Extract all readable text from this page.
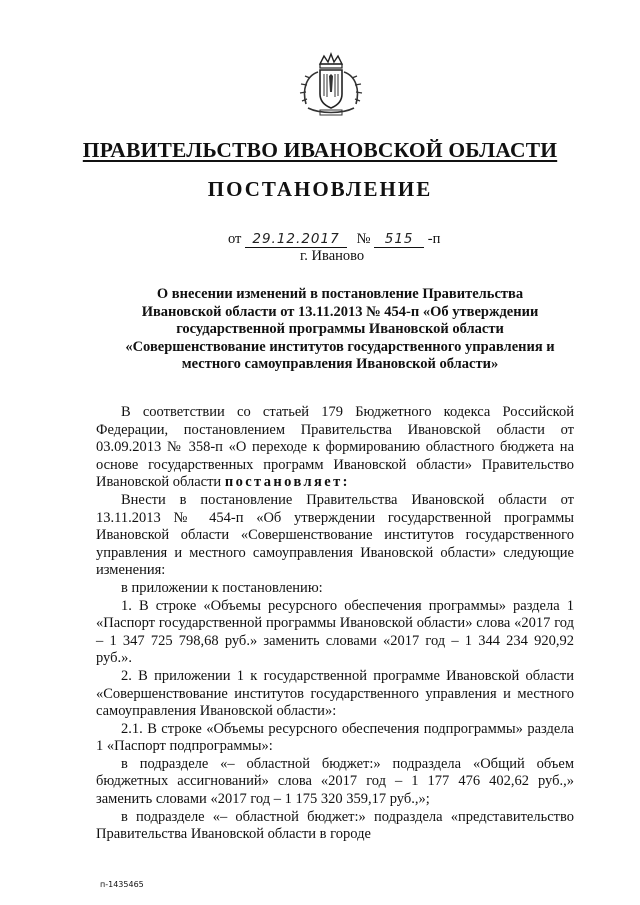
ПРАВИТЕЛЬСТВО ИВАНОВСКОЙ ОБЛАСТИ
ПОСТАНОВЛЕНИЕ
от 29.12.2017 № 515 -п
г. Иваново
О внесении изменений в постановление Правительства
Ивановской области от 13.11.2013 № 454-п «Об утверждении
государственной программы Ивановской области
«Совершенствование институтов государственного управления и
местного самоуправления Ивановской области»

В соответствии со статьей 179 Бюджетного кодекса Российской Федерации, постановлением Правительства Ивановской области от 03.09.2013 № 358-п «О переходе к формированию областного бюджета на основе государственных программ Ивановской области» Правительство Ивановской области постановляет:

Внести в постановление Правительства Ивановской области от 13.11.2013 № 454-п «Об утверждении государственной программы Ивановской области «Совершенствование институтов государственного управления и местного самоуправления Ивановской области» следующие изменения:

в приложении к постановлению:

1. В строке «Объемы ресурсного обеспечения программы» раздела 1 «Паспорт государственной программы Ивановской области» слова «2017 год – 1 347 725 798,68 руб.» заменить словами «2017 год – 1 344 234 920,92 руб.».

2. В приложении 1 к государственной программе Ивановской области «Совершенствование институтов государственного управления и местного самоуправления Ивановской области»:

2.1. В строке «Объемы ресурсного обеспечения подпрограммы» раздела 1 «Паспорт подпрограммы»:

в подразделе «– областной бюджет:» подраздела «Общий объем бюджетных ассигнований» слова «2017 год – 1 177 476 402,62 руб.,» заменить словами «2017 год – 1 175 320 359,17 руб.,»;

в подразделе «– областной бюджет:» подраздела «представительство Правительства Ивановской области в городе

п-1435465
